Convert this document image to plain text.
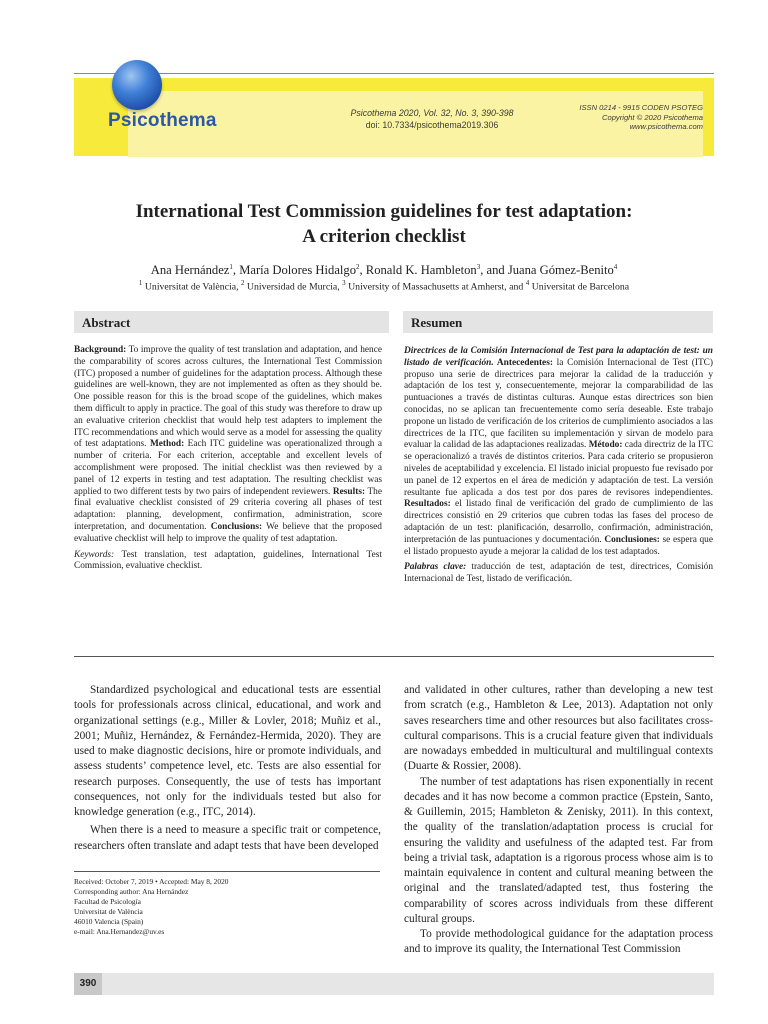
Psicothema	Psicothema 2020, Vol. 32, No. 3, 390-398
doi: 10.7334/psicothema2019.306
ISSN 0214 - 9915 CODEN PSOTEG
Copyright © 2020 Psicothema
www.psicothema.com
International Test Commission guidelines for test adaptation:
A criterion checklist
Ana Hernández$^1$, María Dolores Hidalgo$^2$, Ronald K. Hambleton$^3$, and Juana Gómez-Benito$^4$
$^1$ Universitat de València, $^2$ Universidad de Murcia, $^3$ University of Massachusetts at Amherst, and $^4$ Universitat de Barcelona
Abstract
Background: To improve the quality of test translation and adaptation, and hence the comparability of scores across cultures, the International Test Commission (ITC) proposed a number of guidelines for the adaptation process. Although these guidelines are well-known, they are not implemented as often as they should be. One possible reason for this is the broad scope of the guidelines, which makes them difficult to apply in practice. The goal of this study was therefore to draw up an evaluative criterion checklist that would help test adapters to implement the ITC recommendations and which would serve as a model for assessing the quality of test adaptations. Method: Each ITC guideline was operationalized through a number of criteria. For each criterion, acceptable and excellent levels of accomplishment were proposed. The initial checklist was then reviewed by a panel of 12 experts in testing and test adaptation. The resulting checklist was applied to two different tests by two pairs of independent reviewers. Results: The final evaluative checklist consisted of 29 criteria covering all phases of test adaptation: planning, development, confirmation, administration, score interpretation, and documentation. Conclusions: We believe that the proposed evaluative checklist will help to improve the quality of test adaptation.
Keywords: Test translation, test adaptation, guidelines, International Test Commission, evaluative checklist.
Resumen
Directrices de la Comisión Internacional de Test para la adaptación de test: un listado de verificación. Antecedentes: la Comisión Internacional de Test (ITC) propuso una serie de directrices para mejorar la calidad de la traducción y adaptación de los test y, consecuentemente, mejorar la comparabilidad de las puntuaciones a través de distintas culturas. Aunque estas directrices son bien conocidas, no se aplican tan frecuentemente como sería deseable. Este trabajo propone un listado de verificación de los criterios de cumplimiento asociados a las directrices de la ITC, que faciliten su implementación y sirvan de modelo para evaluar la calidad de las adaptaciones realizadas. Método: cada directriz de la ITC se operacionalizó a través de distintos criterios. Para cada criterio se propusieron niveles de aceptabilidad y excelencia. El listado inicial propuesto fue revisado por un panel de 12 expertos en el área de medición y adaptación de test. La versión resultante fue aplicada a dos test por dos pares de revisores independientes. Resultados: el listado final de verificación del grado de cumplimiento de las directrices consistió en 29 criterios que cubren todas las fases del proceso de adaptación de un test: planificación, desarrollo, confirmación, administración, interpretación de las puntuaciones y documentación. Conclusiones: se espera que el listado propuesto ayude a mejorar la calidad de los test adaptados.
Palabras clave: traducción de test, adaptación de test, directrices, Comisión Internacional de Test, listado de verificación.

Standardized psychological and educational tests are essential tools for professionals across clinical, educational, and work and organizational settings (e.g., Miller & Lovler, 2018; Muñiz et al., 2001; Muñiz, Hernández, & Fernández-Hermida, 2020). They are used to make diagnostic decisions, hire or promote individuals, and assess students’ competence level, etc. Tests are also essential for research purposes. Consequently, the use of tests has important consequences, not only for the individuals tested but also for knowledge generation (e.g., ITC, 2014).

When there is a need to measure a specific trait or competence, researchers often translate and adapt tests that have been developed

and validated in other cultures, rather than developing a new test from scratch (e.g., Hambleton & Lee, 2013). Adaptation not only saves researchers time and other resources but also facilitates cross-cultural comparisons. This is a crucial feature given that individuals are nowadays embedded in multicultural and multilingual contexts (Duarte & Rossier, 2008).

The number of test adaptations has risen exponentially in recent decades and it has now become a common practice (Epstein, Santo, & Guillemin, 2015; Hambleton & Zenisky, 2011). In this context, the quality of the translation/adaptation process is crucial for ensuring the validity and usefulness of the adapted test. Far from being a trivial task, adaptation is a rigorous process whose aim is to maintain equivalence in content and cultural meaning between the original and the translated/adapted test, thus fostering the comparability of scores across individuals from these different cultural groups.

To provide methodological guidance for the adaptation process and to improve its quality, the International Test Commission

Received: October 7, 2019 • Accepted: May 8, 2020
Corresponding author: Ana Hernández
Facultad de Psicología
Universitat de València
46010 Valencia (Spain)
e-mail: Ana.Hernandez@uv.es
390
